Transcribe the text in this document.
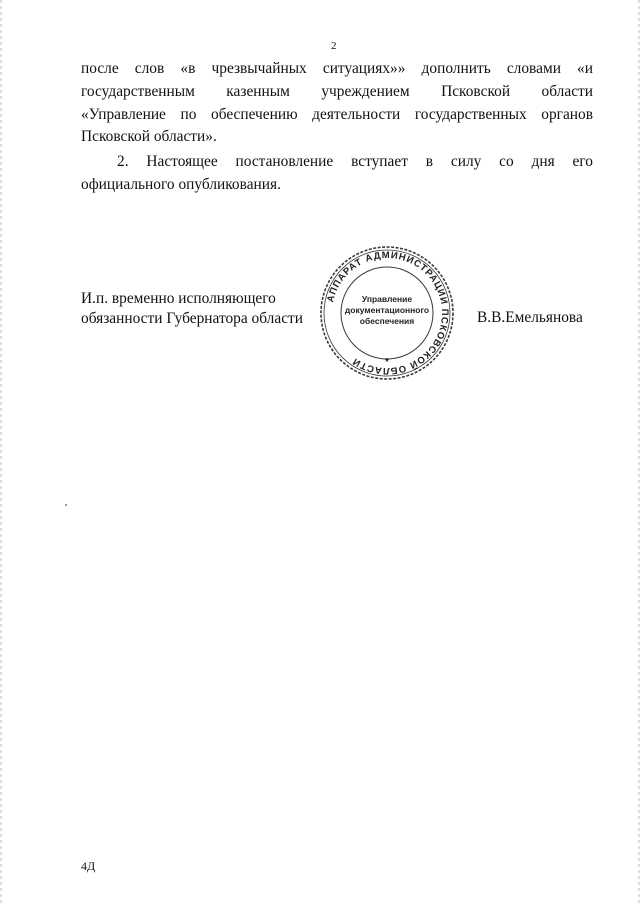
2
после слов «в чрезвычайных ситуациях»» дополнить словами «и
государственным казенным учреждением Псковской области
«Управление по обеспечению деятельности государственных органов
Псковской области».
2. Настоящее постановление вступает в силу со дня его
официального опубликования.
И.п. временно исполняющего
обязанности Губернатора области
АППАРАТ АДМИНИСТРАЦИИ ПСКОВСКОЙ ОБЛАСТИ
Управление
документационного
обеспечения
*
В.В.Емельянова
4Д
